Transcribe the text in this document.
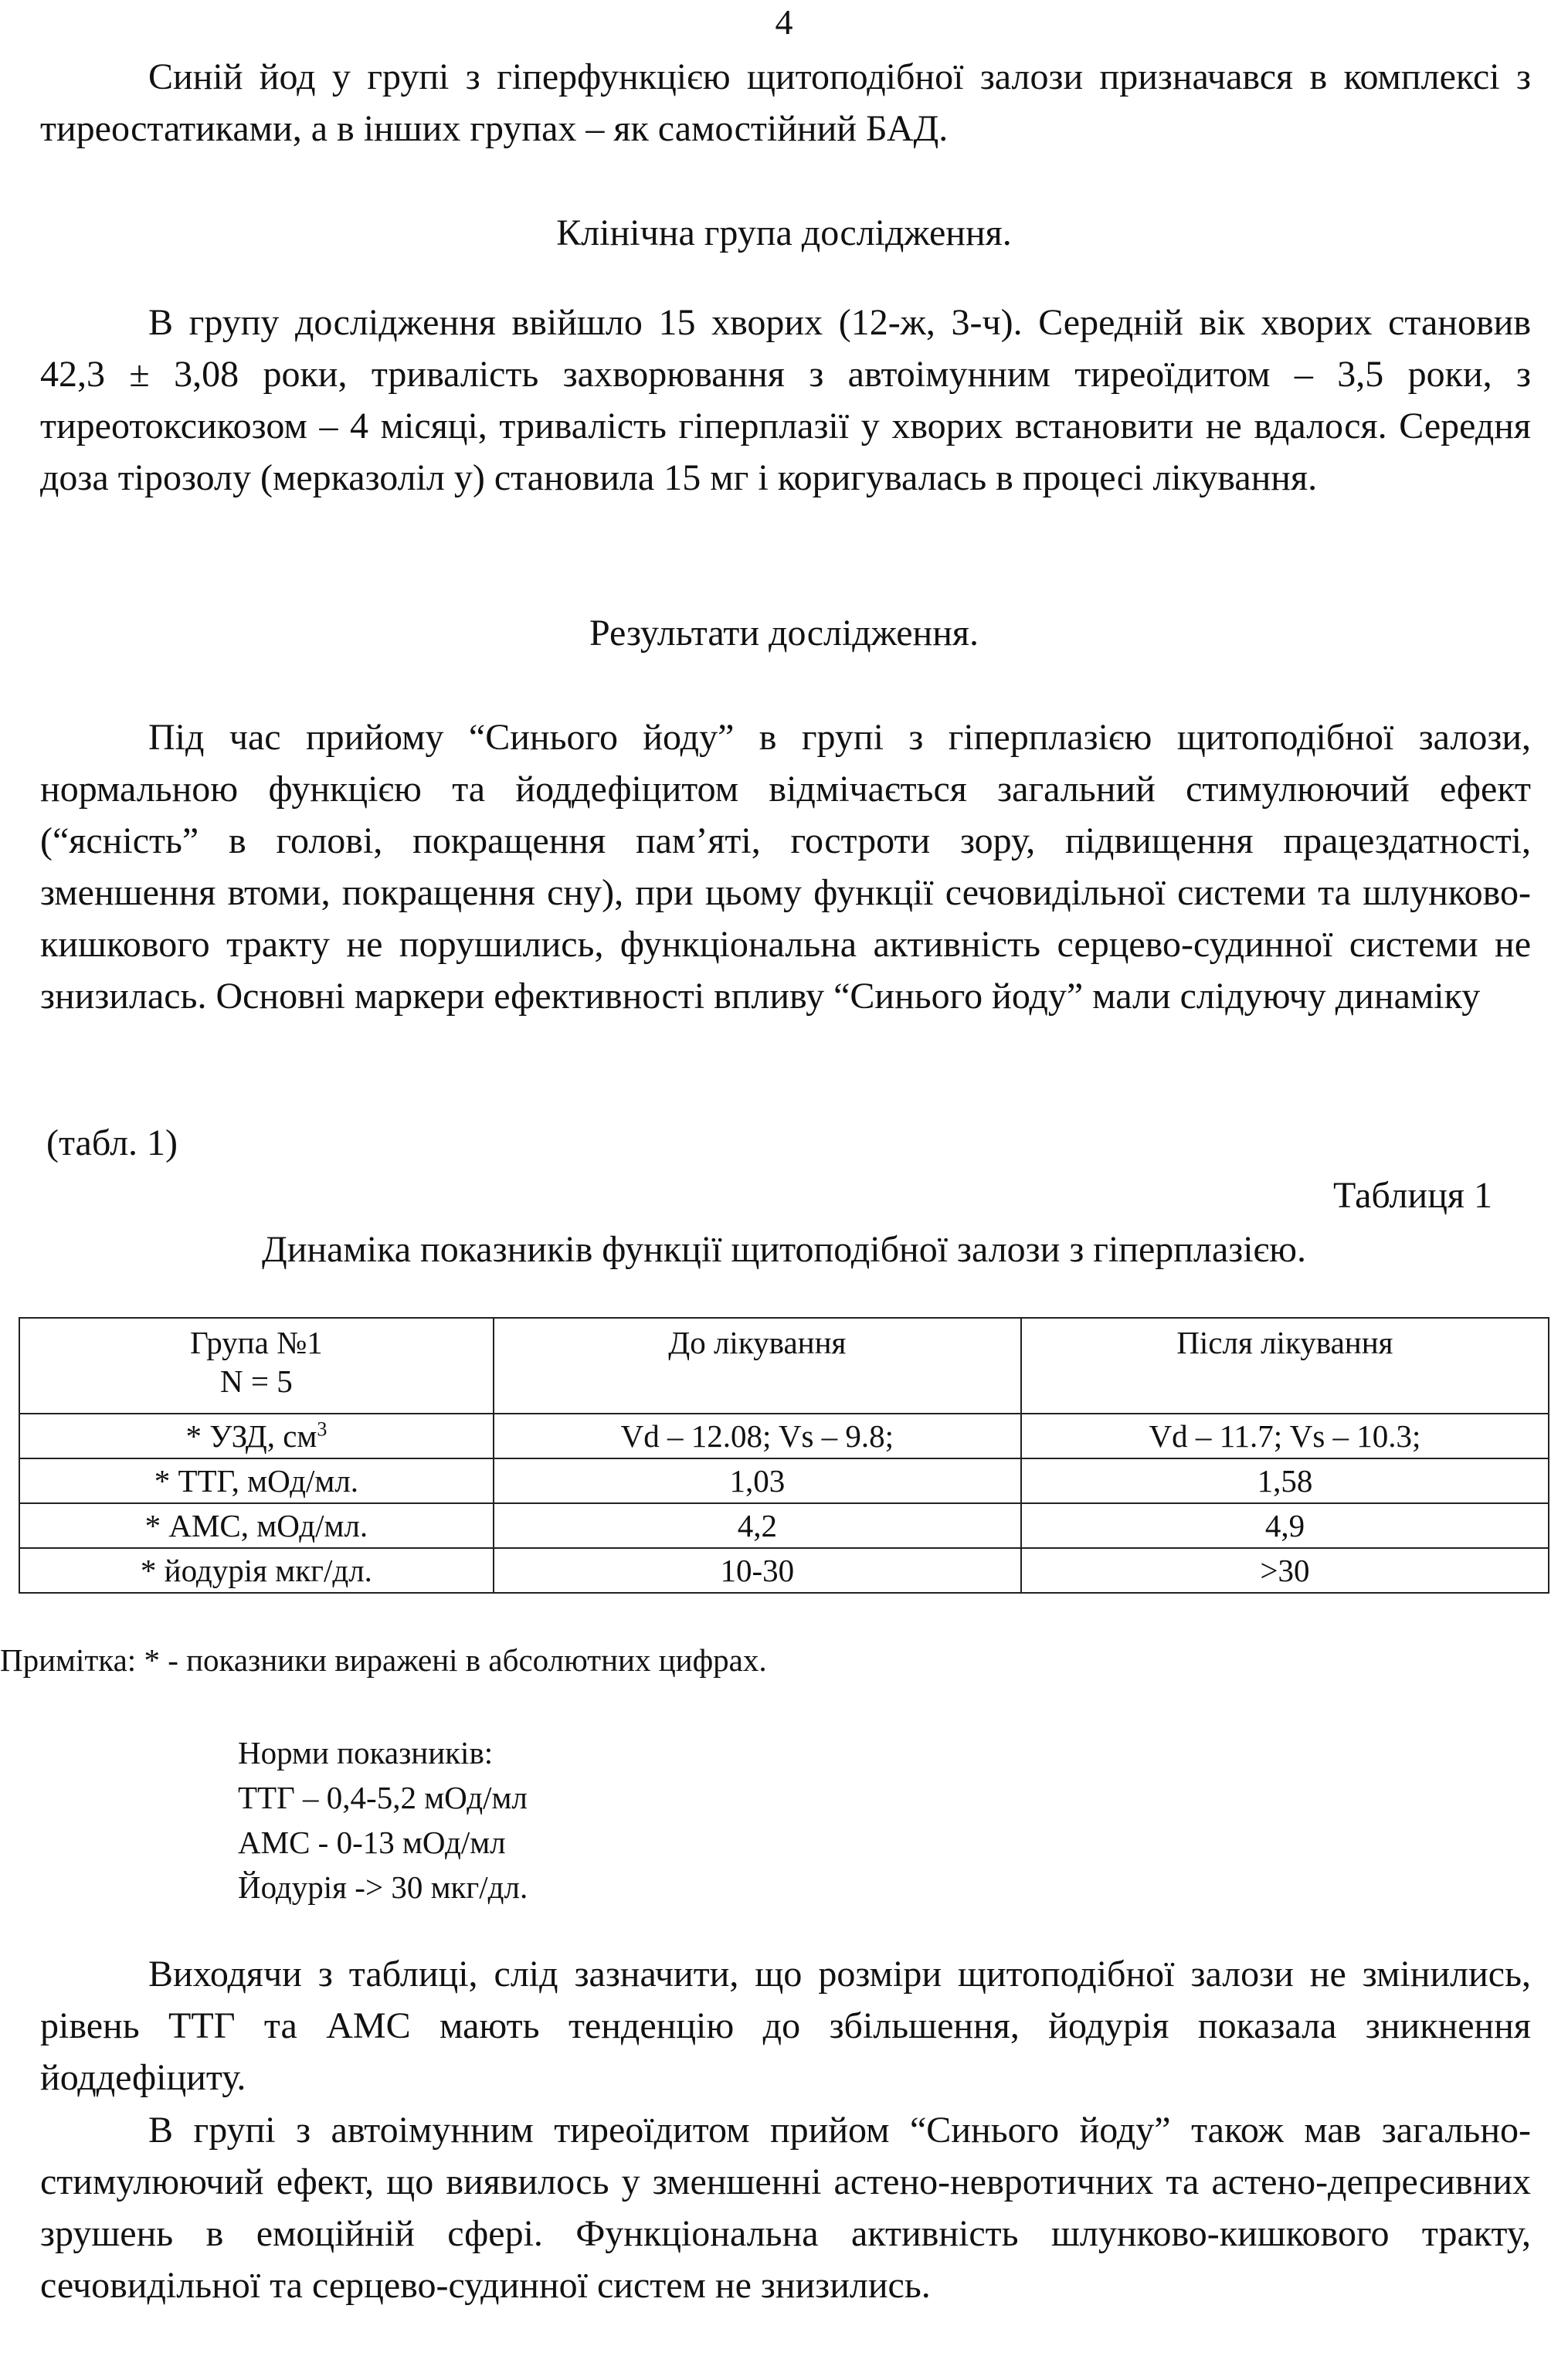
4

Синій йод у групі з гіперфункцією щитоподібної залози призначався в комплексі з тиреостатиками, а в інших групах – як самостійний БАД.

Клінічна група дослідження.

В групу дослідження ввійшло 15 хворих (12-ж, 3-ч). Середній вік хворих становив 42,3 ± 3,08 роки, тривалість захворювання з автоімунним тиреоїдитом – 3,5 роки, з тиреотоксикозом – 4 місяці, тривалість гіперплазії у хворих встановити не вдалося. Середня доза тірозолу (мерказоліл у) становила 15 мг і коригувалась в процесі лікування.

Результати дослідження.

Під час прийому “Синього йоду” в групі з гіперплазією щитоподібної залози, нормальною функцією та йоддефіцитом відмічається загальний стимулюючий ефект (“ясність” в голові, покращення пам’яті, гостроти зору, підвищення працездатності, зменшення втоми, покращення сну), при цьому функції сечовидільної системи та шлунково-кишкового тракту не порушились, функціональна активність серцево-судинної системи не знизилась. Основні маркери ефективності впливу “Синього йоду” мали слідуючу динаміку

(табл. 1)
Таблиця 1
Динаміка показників функції щитоподібної залози з гіперплазією.
Група №1
N = 5	До лікування	Після лікування
* УЗД, $см^3$	Vd – 12.08; Vs – 9.8;	Vd – 11.7; Vs – 10.3;
* ТТГ, мОд/мл.	1,03	1,58
* АМС, мОд/мл.	4,2	4,9
* йодурія мкг/дл.	10-30	>30
Примітка: * - показники виражені в абсолютних цифрах.
Норми показників:
ТТГ – 0,4-5,2 мОд/мл
АМС - 0-13 мОд/мл
Йодурія -> 30 мкг/дл.

Виходячи з таблиці, слід зазначити, що розміри щитоподібної залози не змінились, рівень ТТГ та АМС мають тенденцію до збільшення, йодурія показала зникнення йоддефіциту.

В групі з автоімунним тиреоїдитом прийом “Синього йоду” також мав загально-стимулюючий ефект, що виявилось у зменшенні астено-невротичних та астено-депресивних зрушень в емоційній сфері. Функціональна активність шлунково-кишкового тракту, сечовидільної та серцево-судинної систем не знизились.
